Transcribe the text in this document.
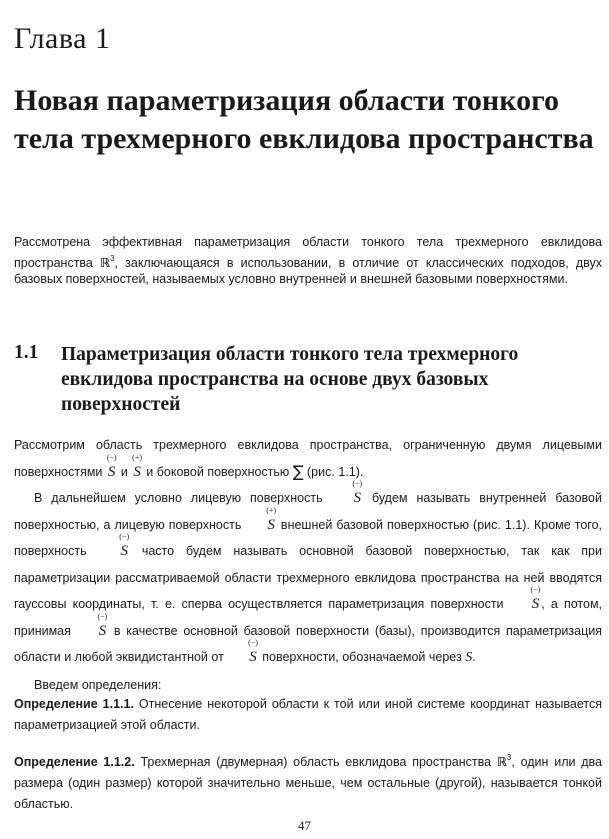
Глава 1
Новая параметризация области тонкого тела трехмерного евклидова пространства
Рассмотрена эффективная параметризация области тонкого тела трехмерного евклидова пространства ℝ$^3$, заключающаяся в использовании, в отличие от классических подходов, двух базовых поверхностей, называемых условно внутренней и внешней базовыми поверхностями.
1.1 Параметризация области тонкого тела трехмерного евклидова пространства на основе двух базовых поверхностей

Рассмотрим область трехмерного евклидова пространства, ограниченную двумя лицевыми поверхностями
(−)
S и
(+)
S и боковой поверхностью ∑ (рис. 1.1).

В дальнейшем условно лицевую поверхность
(−)
S будем называть внутренней базовой поверхностью, а лицевую поверхность
(+)
S внешней базовой поверхностью (рис. 1.1). Кроме того, поверхность
(−)
S часто будем называть основной базовой поверхностью, так как при параметризации рассматриваемой области трехмерного евклидова пространства на ней вводятся гауссовы координаты, т. е. сперва осуществляется параметризация поверхности
(−)
S , а потом, принимая
(−)
S в качестве основной базовой поверхности (базы), производится параметризация области и любой эквидистантной от
(−)
S поверхности, обозначаемой через S.

Введем определения:

Определение 1.1.1. Отнесение некоторой области к той или иной системе координат называется параметризацией этой области.

Определение 1.1.2. Трехмерная (двумерная) область евклидова пространства ℝ$^3$, один или два размера (один размер) которой значительно меньше, чем остальные (другой), называется тонкой областью.

47
